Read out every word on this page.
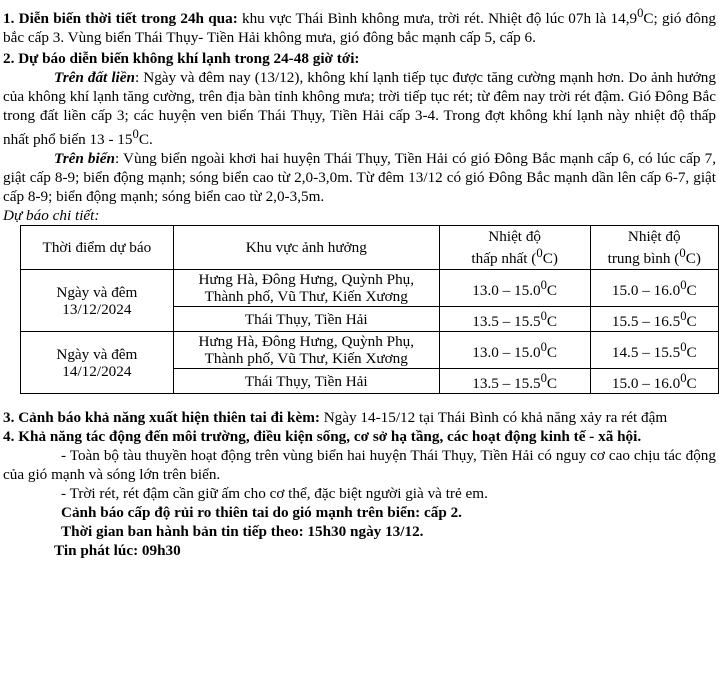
1. Diễn biến thời tiết trong 24h qua: khu vực Thái Bình không mưa, trời rét. Nhiệt độ lúc 07h là 14,9$^0$C; gió đông bắc cấp 3. Vùng biển Thái Thụy- Tiền Hải không mưa, gió đông bắc mạnh cấp 5, cấp 6.

2. Dự báo diễn biến không khí lạnh trong 24-48 giờ tới:

Trên đất liền: Ngày và đêm nay (13/12), không khí lạnh tiếp tục được tăng cường mạnh hơn. Do ảnh hưởng của không khí lạnh tăng cường, trên địa bàn tỉnh không mưa; trời tiếp tục rét; từ đêm nay trời rét đậm. Gió Đông Bắc trong đất liền cấp 3; các huyện ven biển Thái Thụy, Tiền Hải cấp 3-4. Trong đợt không khí lạnh này nhiệt độ thấp nhất phổ biến $13 - 15^0C$.

Trên biển: Vùng biển ngoài khơi hai huyện Thái Thụy, Tiền Hải có gió Đông Bắc mạnh cấp 6, có lúc cấp 7, giật cấp 8-9; biển động mạnh; sóng biển cao từ 2,0-3,0m. Từ đêm 13/12 có gió Đông Bắc mạnh dần lên cấp 6-7, giật cấp 8-9; biển động mạnh; sóng biển cao từ 2,0-3,5m.

Dự báo chi tiết:

Thời điểm dự báo	Khu vực ảnh hưởng	Nhiệt độ
thấp nhất ($^0$C)	Nhiệt độ
trung bình ($^0$C)
Ngày và đêm
13/12/2024	Hưng Hà, Đông Hưng, Quỳnh Phụ,
Thành phố, Vũ Thư, Kiến Xương	13.0 – 15.0$^0$C	15.0 – 16.0$^0$C
	Thái Thụy, Tiền Hải	13.5 – 15.5$^0$C	15.5 – 16.5$^0$C
Ngày và đêm
14/12/2024	Hưng Hà, Đông Hưng, Quỳnh Phụ,
Thành phố, Vũ Thư, Kiến Xương	13.0 – 15.0$^0$C	14.5 – 15.5$^0$C
	Thái Thụy, Tiền Hải	13.5 – 15.5$^0$C	15.0 – 16.0$^0$C

3. Cảnh báo khả năng xuất hiện thiên tai đi kèm: Ngày 14-15/12 tại Thái Bình có khả năng xảy ra rét đậm

4. Khả năng tác động đến môi trường, điều kiện sống, cơ sở hạ tầng, các hoạt động kinh tế - xã hội.

- Toàn bộ tàu thuyền hoạt động trên vùng biển hai huyện Thái Thụy, Tiền Hải có nguy cơ cao chịu tác động của gió mạnh và sóng lớn trên biển.

- Trời rét, rét đậm cần giữ ấm cho cơ thể, đặc biệt người già và trẻ em.

Cảnh báo cấp độ rủi ro thiên tai do gió mạnh trên biển: cấp 2.

Thời gian ban hành bản tin tiếp theo: 15h30 ngày 13/12.

Tin phát lúc: 09h30
